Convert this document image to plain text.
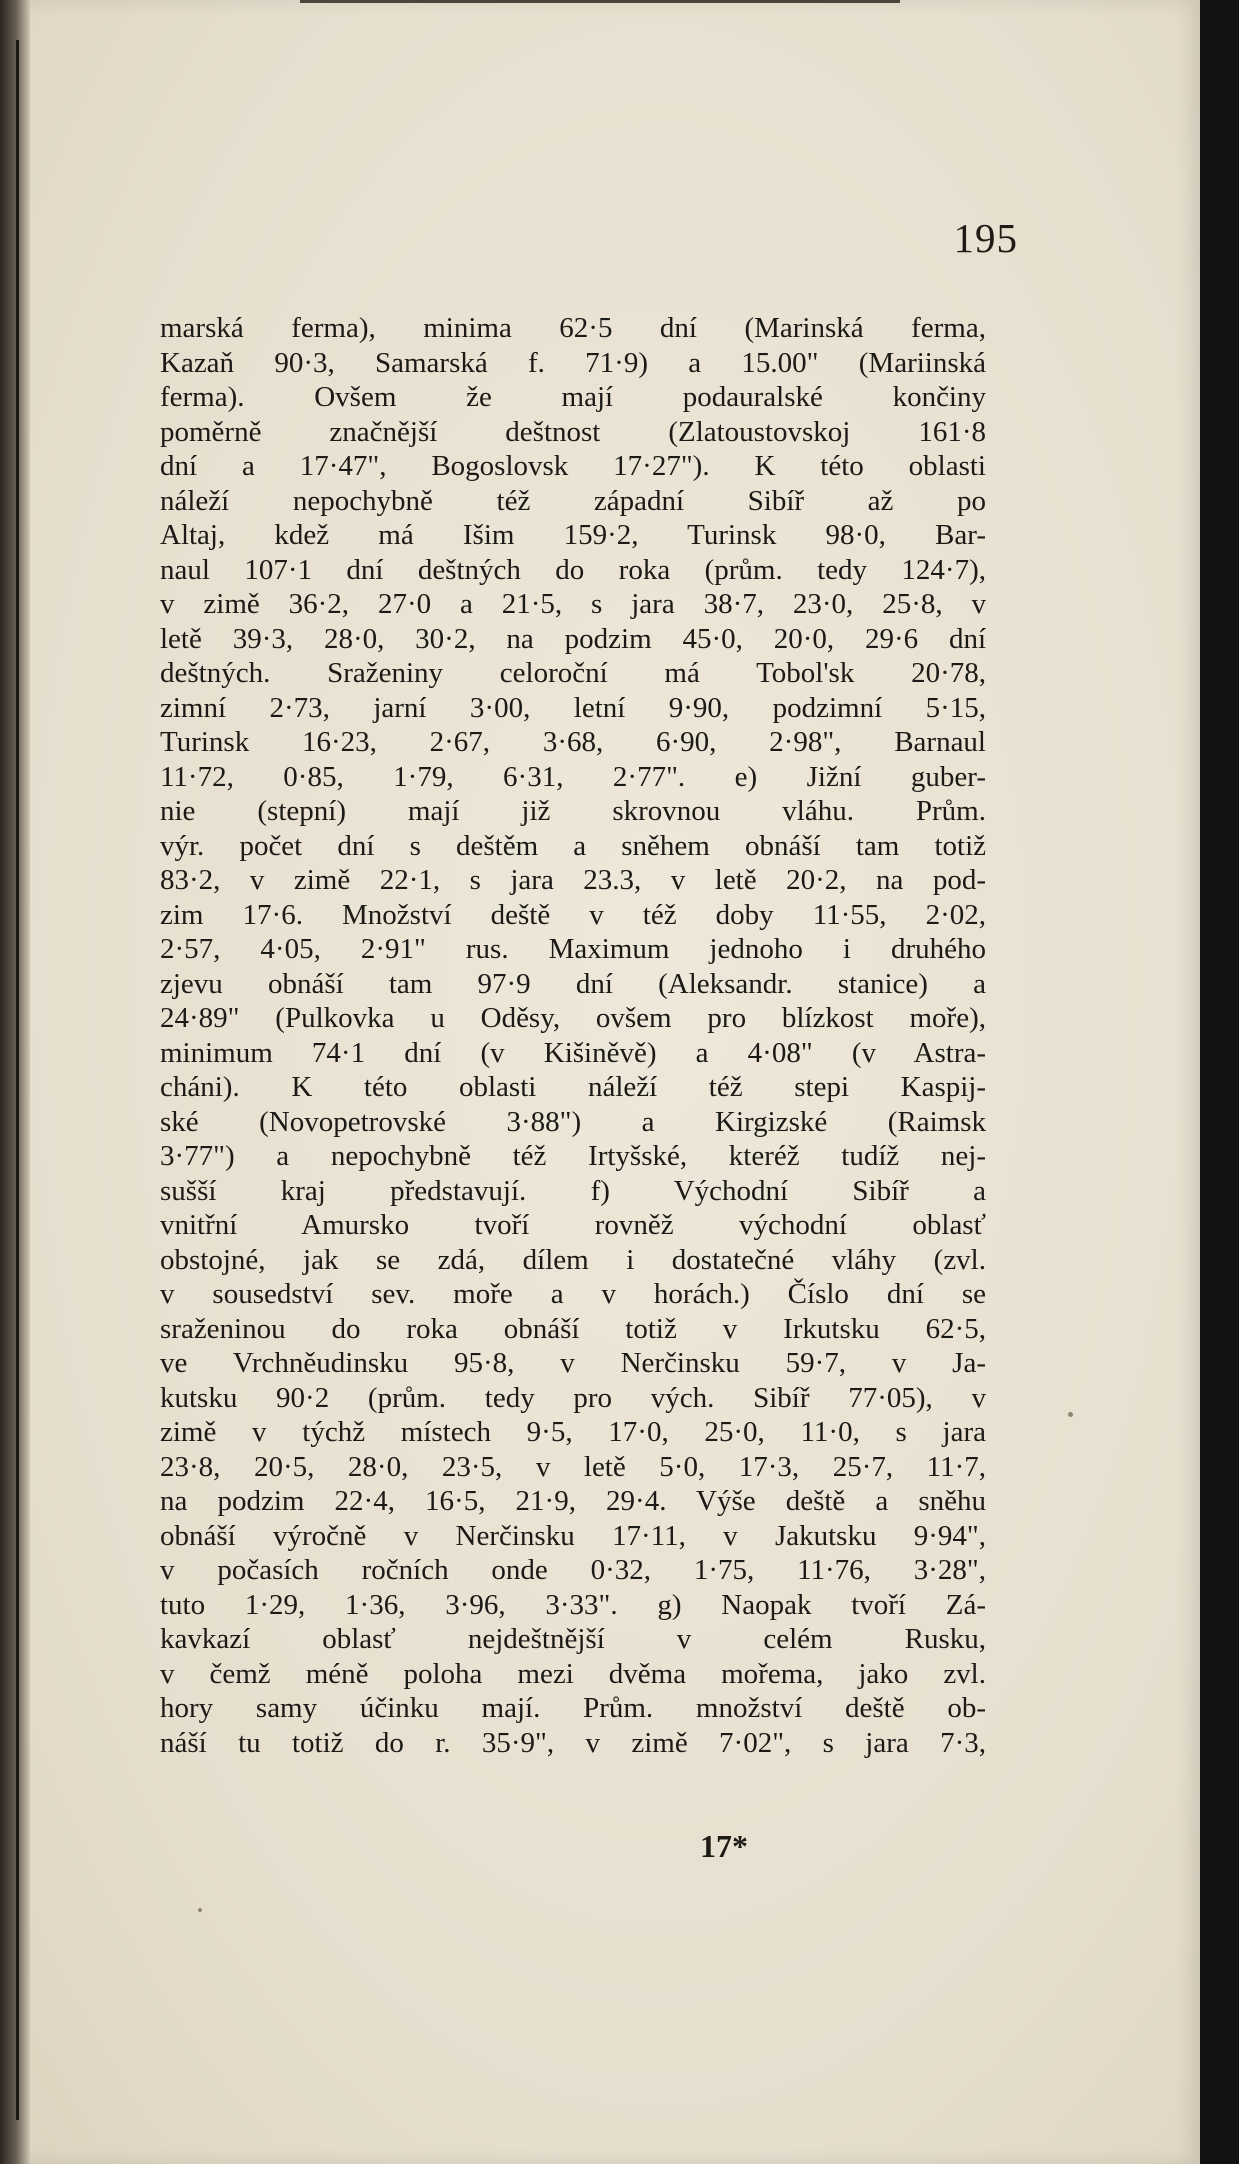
195
marská ferma), minima 62·5 dní (Marinská ferma,
Kazaň 90·3, Samarská f. 71·9) a 15.00" (Mariinská
ferma). Ovšem že mají podauralské končiny
poměrně značnější deštnost (Zlatoustovskoj 161·8
dní a 17·47", Bogoslovsk 17·27"). K této oblasti
náleží nepochybně též západní Sibíř až po
Altaj, kdež má Išim 159·2, Turinsk 98·0, Bar-
naul 107·1 dní deštných do roka (prům. tedy 124·7),
v zimě 36·2, 27·0 a 21·5, s jara 38·7, 23·0, 25·8, v
letě 39·3, 28·0, 30·2, na podzim 45·0, 20·0, 29·6 dní
deštných. Sraženiny celoroční má Tobol'sk 20·78,
zimní 2·73, jarní 3·00, letní 9·90, podzimní 5·15,
Turinsk 16·23, 2·67, 3·68, 6·90, 2·98", Barnaul
11·72, 0·85, 1·79, 6·31, 2·77". e) Jižní guber-
nie (stepní) mají již skrovnou vláhu. Prům.
výr. počet dní s deštěm a sněhem obnáší tam totiž
83·2, v zimě 22·1, s jara 23.3, v letě 20·2, na pod-
zim 17·6. Množství deště v též doby 11·55, 2·02,
2·57, 4·05, 2·91" rus. Maximum jednoho i druhého
zjevu obnáší tam 97·9 dní (Aleksandr. stanice) a
24·89" (Pulkovka u Oděsy, ovšem pro blízkost moře),
minimum 74·1 dní (v Kišiněvě) a 4·08" (v Astra-
cháni). K této oblasti náleží též stepi Kaspij-
ské (Novopetrovské 3·88") a Kirgizské (Raimsk
3·77") a nepochybně též Irtyšské, kteréž tudíž nej-
sušší kraj představují. f) Východní Sibíř a
vnitřní Amursko tvoří rovněž východní oblasť
obstojné, jak se zdá, dílem i dostatečné vláhy (zvl.
v sousedství sev. moře a v horách.) Číslo dní se
sraženinou do roka obnáší totiž v Irkutsku 62·5,
ve Vrchněudinsku 95·8, v Nerčinsku 59·7, v Ja-
kutsku 90·2 (prům. tedy pro vých. Sibíř 77·05), v
zimě v týchž místech 9·5, 17·0, 25·0, 11·0, s jara
23·8, 20·5, 28·0, 23·5, v letě 5·0, 17·3, 25·7, 11·7,
na podzim 22·4, 16·5, 21·9, 29·4. Výše deště a sněhu
obnáší výročně v Nerčinsku 17·11, v Jakutsku 9·94",
v počasích ročních onde 0·32, 1·75, 11·76, 3·28",
tuto 1·29, 1·36, 3·96, 3·33". g) Naopak tvoří Zá-
kavkazí oblasť nejdeštnější v celém Rusku,
v čemž méně poloha mezi dvěma mořema, jako zvl.
hory samy účinku mají. Prům. množství deště ob-
náší tu totiž do r. 35·9", v zimě 7·02", s jara 7·3,
17*
